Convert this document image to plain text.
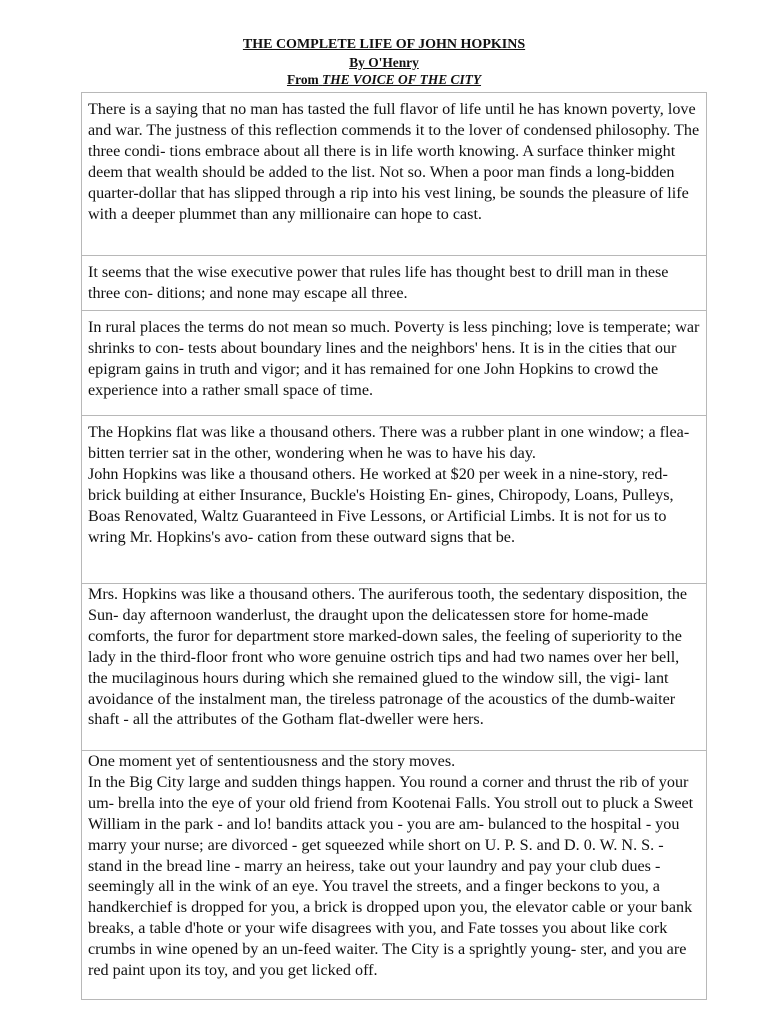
THE COMPLETE LIFE OF JOHN HOPKINS
By O'Henry
From THE VOICE OF THE CITY

There is a saying that no man has tasted the full flavor of life until he has known poverty, love and war. The justness of this reflection commends it to the lover of condensed philosophy. The three condi- tions embrace about all there is in life worth knowing. A surface thinker might deem that wealth should be added to the list. Not so. When a poor man finds a long-bidden quarter-dollar that has slipped through a rip into his vest lining, be sounds the pleasure of life with a deeper plummet than any millionaire can hope to cast.

It seems that the wise executive power that rules life has thought best to drill man in these three con- ditions; and none may escape all three.

In rural places the terms do not mean so much. Poverty is less pinching; love is temperate; war shrinks to con- tests about boundary lines and the neighbors' hens. It is in the cities that our epigram gains in truth and vigor; and it has remained for one John Hopkins to crowd the experience into a rather small space of time.

The Hopkins flat was like a thousand others. There was a rubber plant in one window; a flea- bitten terrier sat in the other, wondering when he was to have his day.

John Hopkins was like a thousand others. He worked at $20 per week in a nine-story, red-brick building at either Insurance, Buckle's Hoisting En- gines, Chiropody, Loans, Pulleys, Boas Renovated, Waltz Guaranteed in Five Lessons, or Artificial Limbs. It is not for us to wring Mr. Hopkins's avo- cation from these outward signs that be.

Mrs. Hopkins was like a thousand others. The auriferous tooth, the sedentary disposition, the Sun- day afternoon wanderlust, the draught upon the delicatessen store for home-made comforts, the furor for department store marked-down sales, the feeling of superiority to the lady in the third-floor front who wore genuine ostrich tips and had two names over her bell, the mucilaginous hours during which she remained glued to the window sill, the vigi- lant avoidance of the instalment man, the tireless patronage of the acoustics of the dumb-waiter shaft - all the attributes of the Gotham flat-dweller were hers.

One moment yet of sententiousness and the story moves.

In the Big City large and sudden things happen. You round a corner and thrust the rib of your um- brella into the eye of your old friend from Kootenai Falls. You stroll out to pluck a Sweet William in the park - and lo! bandits attack you - you are am- bulanced to the hospital - you marry your nurse; are divorced - get squeezed while short on U. P. S. and D. 0. W. N. S. - stand in the bread line - marry an heiress, take out your laundry and pay your club dues - seemingly all in the wink of an eye. You travel the streets, and a finger beckons to you, a handkerchief is dropped for you, a brick is dropped upon you, the elevator cable or your bank breaks, a table d'hote or your wife disagrees with you, and Fate tosses you about like cork crumbs in wine opened by an un-feed waiter. The City is a sprightly young- ster, and you are red paint upon its toy, and you get licked off.
